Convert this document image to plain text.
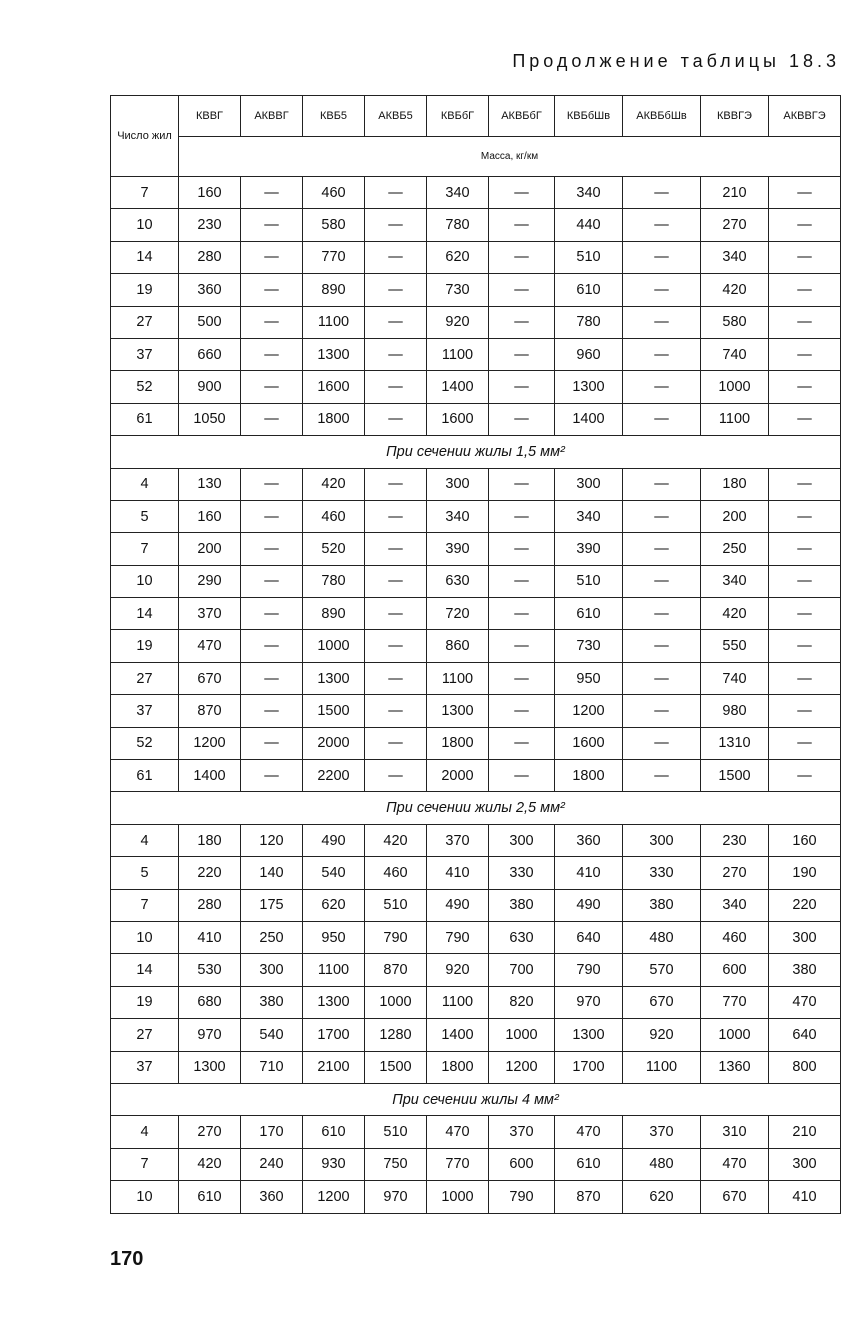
Продолжение таблицы 18.3
Число жил	КВВГ	АКВВГ	КВБ5	АКВБ5	КВБбГ	АКВБбГ	КВБбШв	АКВБбШв	КВВГЭ	АКВВГЭ
	Масса, кг/км									
7	160	—	460	—	340	—	340	—	210	—
10	230	—	580	—	780	—	440	—	270	—
14	280	—	770	—	620	—	510	—	340	—
19	360	—	890	—	730	—	610	—	420	—
27	500	—	1100	—	920	—	780	—	580	—
37	660	—	1300	—	1100	—	960	—	740	—
52	900	—	1600	—	1400	—	1300	—	1000	—
61	1050	—	1800	—	1600	—	1400	—	1100	—
При сечении жилы 1,5 мм²										
4	130	—	420	—	300	—	300	—	180	—
5	160	—	460	—	340	—	340	—	200	—
7	200	—	520	—	390	—	390	—	250	—
10	290	—	780	—	630	—	510	—	340	—
14	370	—	890	—	720	—	610	—	420	—
19	470	—	1000	—	860	—	730	—	550	—
27	670	—	1300	—	1100	—	950	—	740	—
37	870	—	1500	—	1300	—	1200	—	980	—
52	1200	—	2000	—	1800	—	1600	—	1310	—
61	1400	—	2200	—	2000	—	1800	—	1500	—
При сечении жилы 2,5 мм²										
4	180	120	490	420	370	300	360	300	230	160
5	220	140	540	460	410	330	410	330	270	190
7	280	175	620	510	490	380	490	380	340	220
10	410	250	950	790	790	630	640	480	460	300
14	530	300	1100	870	920	700	790	570	600	380
19	680	380	1300	1000	1100	820	970	670	770	470
27	970	540	1700	1280	1400	1000	1300	920	1000	640
37	1300	710	2100	1500	1800	1200	1700	1100	1360	800
При сечении жилы 4 мм²										
4	270	170	610	510	470	370	470	370	310	210
7	420	240	930	750	770	600	610	480	470	300
10	610	360	1200	970	1000	790	870	620	670	410
170
